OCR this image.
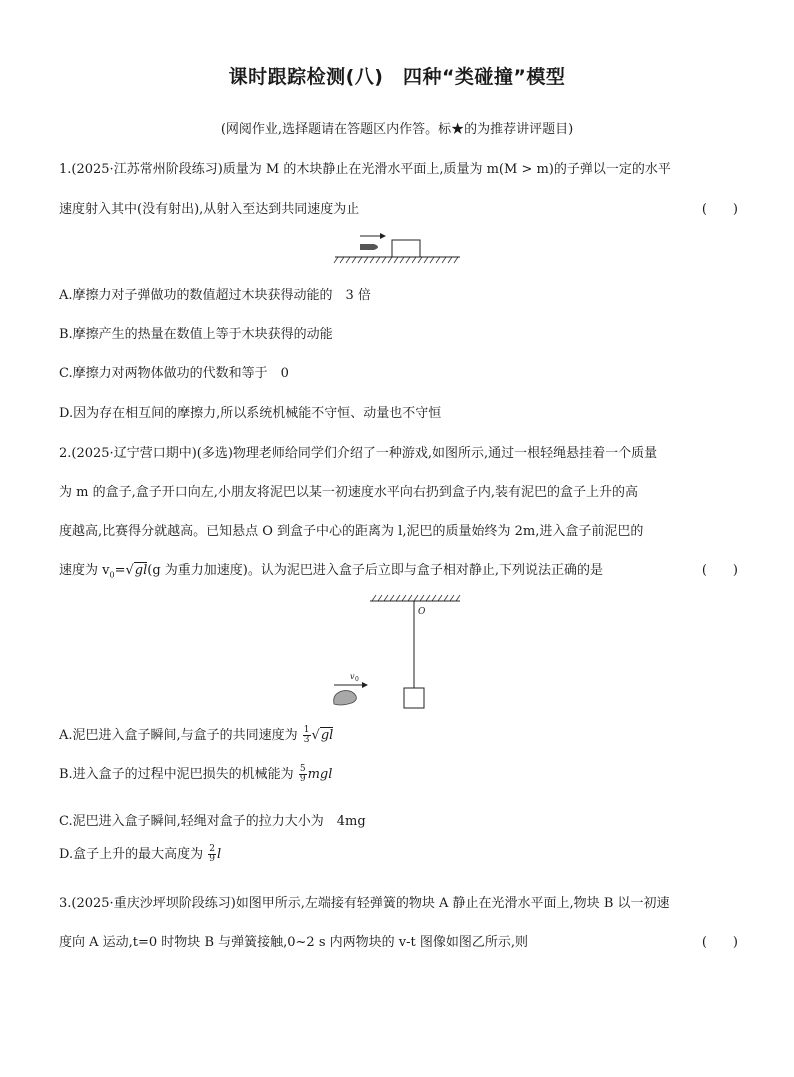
课时跟踪检测(八)　四种“类碰撞”模型
(网阅作业,选择题请在答题区内作答。标★的为推荐讲评题目)
1.(2025·江苏常州阶段练习)质量为 M 的木块静止在光滑水平面上,质量为 m(M > m)的子弹以一定的水平
速度射入其中(没有射出),从射入至达到共同速度为止	(　　)
A.摩擦力对子弹做功的数值超过木块获得动能的　3 倍
B.摩擦产生的热量在数值上等于木块获得的动能
C.摩擦力对两物体做功的代数和等于　0
D.因为存在相互间的摩擦力,所以系统机械能不守恒、动量也不守恒
2.(2025·辽宁营口期中)(多选)物理老师给同学们介绍了一种游戏,如图所示,通过一根轻绳悬挂着一个质量
为 m 的盒子,盒子开口向左,小朋友将泥巴以某一初速度水平向右扔到盒子内,装有泥巴的盒子上升的高
度越高,比赛得分就越高。已知悬点 O 到盒子中心的距离为 l,泥巴的质量始终为 2m,进入盒子前泥巴的
速度为 $v_0=√gl(g$ 为重力加速度)。认为泥巴进入盒子后立即与盒子相对静止,下列说法正确的是	(　　)
O
v 0
A.泥巴进入盒子瞬间,与盒子的共同速度为 $\frac{1}{3} √gl$
B.进入盒子的过程中泥巴损失的机械能为 $\frac{5}{9}$ mgl
C.泥巴进入盒子瞬间,轻绳对盒子的拉力大小为　4mg
D.盒子上升的最大高度为 $\frac{2}{9}$ l
3.(2025·重庆沙坪坝阶段练习)如图甲所示,左端接有轻弹簧的物块 A 静止在光滑水平面上,物块 B 以一初速
度向 A 运动,t=0 时物块 B 与弹簧接触,0~2 s 内两物块的 v-t 图像如图乙所示,则	(　　)
